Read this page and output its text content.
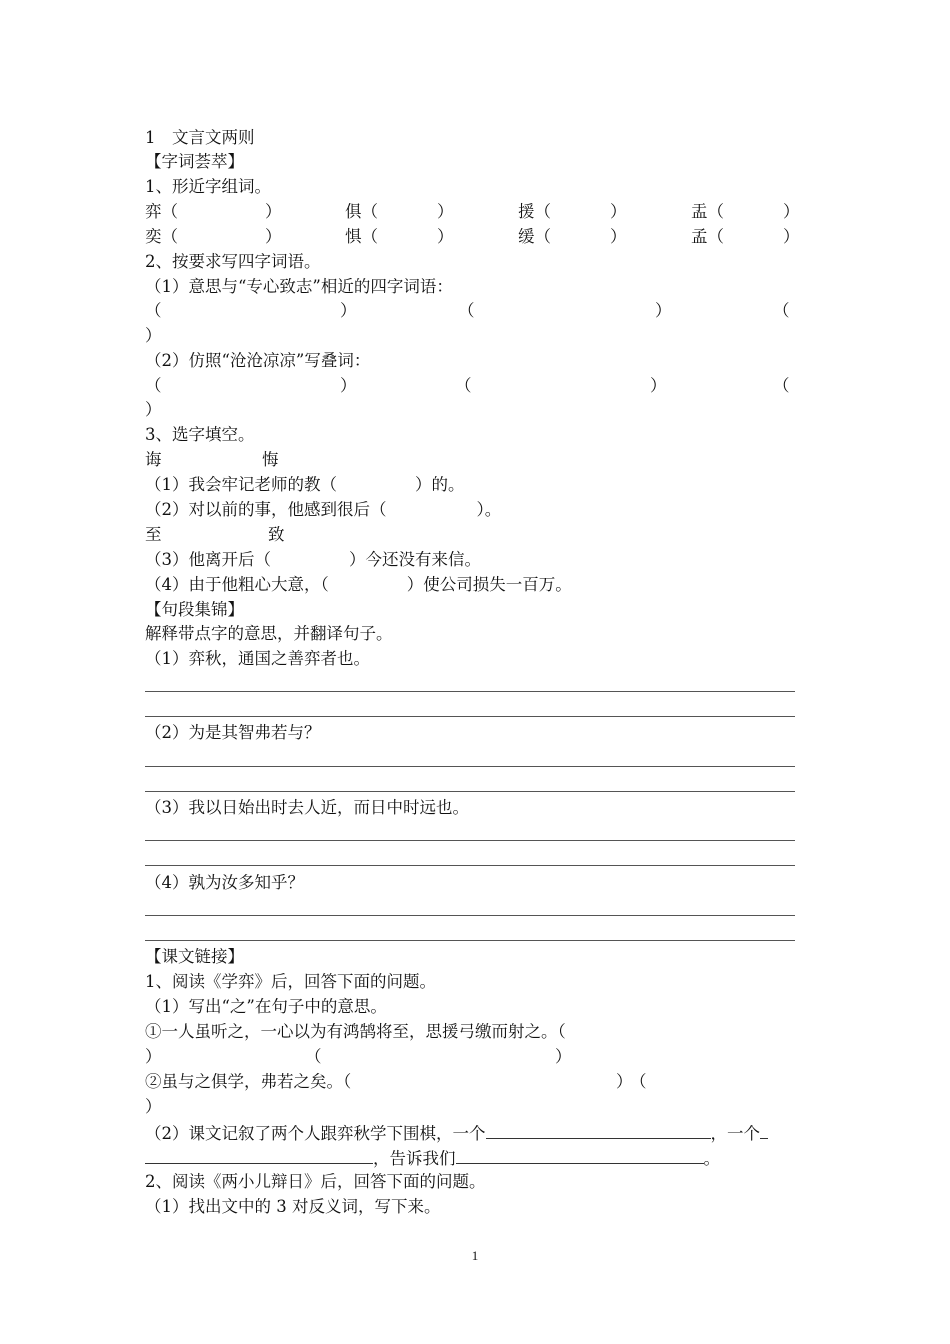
1　文言文两则
【字词荟萃】
1、形近字组词。
弈（	）	俱（	）	援（	）	盂（	）
奕（	）	惧（	）	缓（	）	孟（	）
2、按要求写四字词语。
（1）意思与“专心致志”相近的四字词语：
（	）	（	）	（
）
（2）仿照“沧沧凉凉”写叠词：
（	）	（	）	（
）
3、选字填空。
诲	悔
（1）我会牢记老师的教（	）的。
（2）对以前的事，他感到很后（	）。
至	致
（3）他离开后（	）今还没有来信。
（4）由于他粗心大意，（	）使公司损失一百万。
【句段集锦】
解释带点字的意思，并翻译句子。
（1）弈秋，通国之善弈者也。
（2）为是其智弗若与？
（3）我以日始出时去人近，而日中时远也。
（4）孰为汝多知乎？
【课文链接】
1、阅读《学弈》后，回答下面的问题。
（1）写出“之”在句子中的意思。
①一人虽听之，一心以为有鸿鹄将至，思援弓缴而射之。（
）	（	）
②虽与之俱学，弗若之矣。（	）
（
）
（2）课文记叙了两个人跟弈秋学下围棋，一个	，一个
，告诉我们	。
2、阅读《两小儿辩日》后，回答下面的问题。
（1）找出文中的 3 对反义词，写下来。
1
